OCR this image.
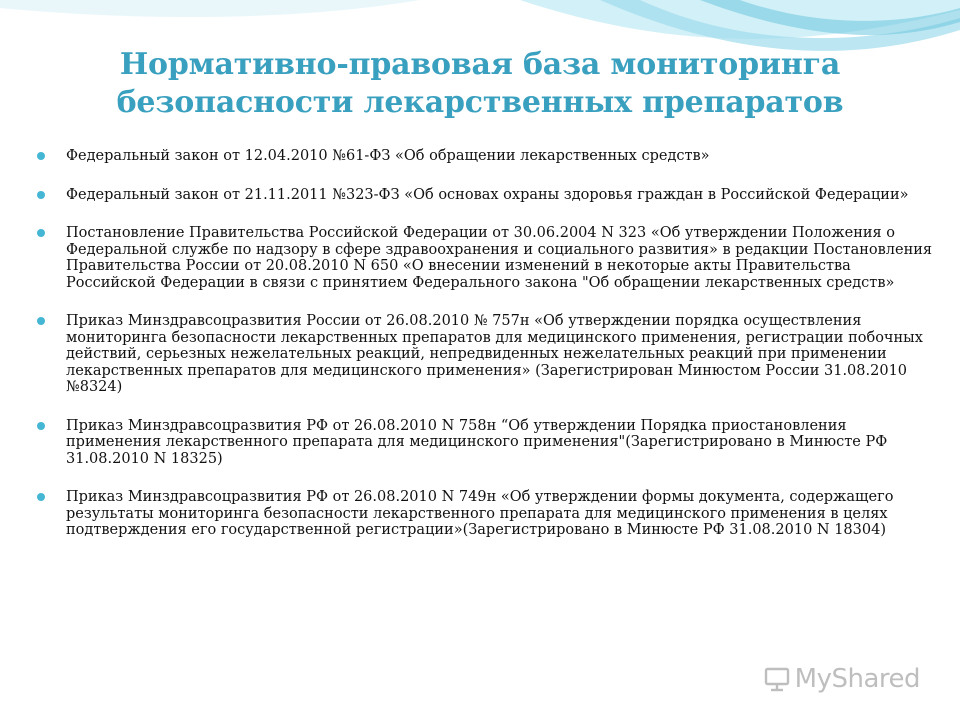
Нормативно-правовая база мониторинга
безопасности лекарственных препаратов
Федеральный закон от 12.04.2010 №61-ФЗ «Об обращении лекарственных средств»
Федеральный закон от 21.11.2011 №323-ФЗ «Об основах охраны здоровья граждан в Российской Федерации»
Постановление Правительства Российской Федерации от 30.06.2004 N 323 «Об утверждении Положения о Федеральной службе по надзору в сфере здравоохранения и социального развития» в редакции Постановления Правительства России от 20.08.2010 N 650 «О внесении изменений в некоторые акты Правительства Российской Федерации в связи с принятием Федерального закона "Об обращении лекарственных средств»
Приказ Минздравсоцразвития России от 26.08.2010 № 757н «Об утверждении порядка осуществления мониторинга безопасности лекарственных препаратов для медицинского применения, регистрации побочных действий, серьезных нежелательных реакций, непредвиденных нежелательных реакций при применении лекарственных препаратов для медицинского применения» (Зарегистрирован Минюстом России 31.08.2010 №8324)
Приказ Минздравсоцразвития РФ от 26.08.2010 N 758н “Об утверждении Порядка приостановления применения лекарственного препарата для медицинского применения"(Зарегистрировано в Минюсте РФ 31.08.2010 N 18325)
Приказ Минздравсоцразвития РФ от 26.08.2010 N 749н «Об утверждении формы документа, содержащего результаты мониторинга безопасности лекарственного препарата для медицинского применения в целях подтверждения его государственной регистрации»(Зарегистрировано в Минюсте РФ 31.08.2010 N 18304)
MyShared
